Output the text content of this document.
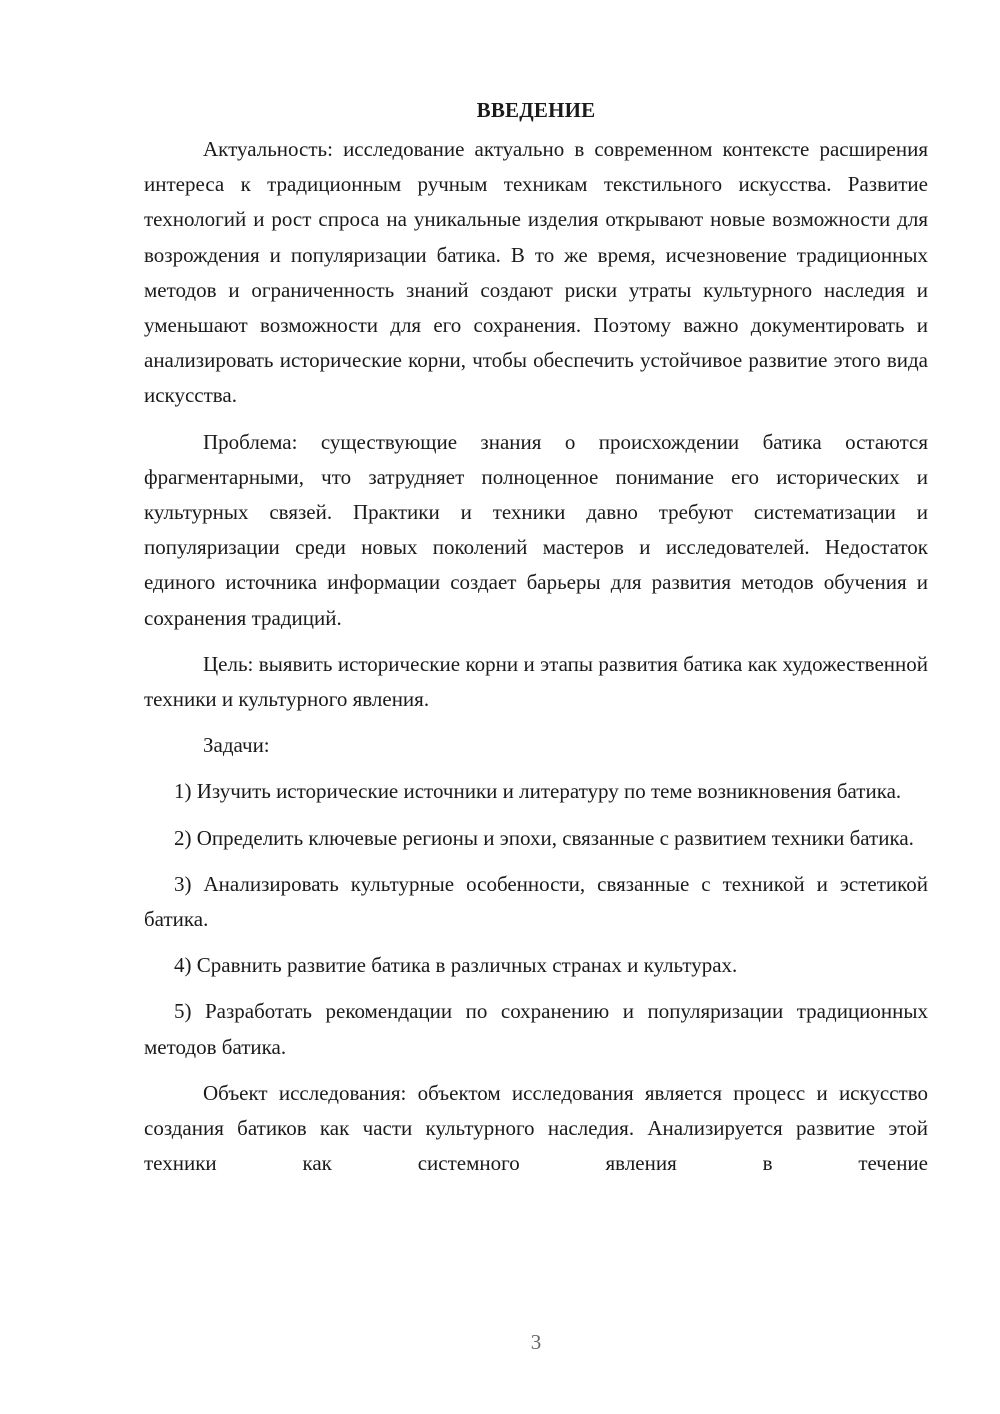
ВВЕДЕНИЕ

Актуальность: исследование актуально в современном контексте расширения интереса к традиционным ручным техникам текстильного искусства. Развитие технологий и рост спроса на уникальные изделия открывают новые возможности для возрождения и популяризации батика. В то же время, исчезновение традиционных методов и ограниченность знаний создают риски утраты культурного наследия и уменьшают возможности для его сохранения. Поэтому важно документировать и анализировать исторические корни, чтобы обеспечить устойчивое развитие этого вида искусства.

Проблема: существующие знания о происхождении батика остаются фрагментарными, что затрудняет полноценное понимание его исторических и культурных связей. Практики и техники давно требуют систематизации и популяризации среди новых поколений мастеров и исследователей. Недостаток единого источника информации создает барьеры для развития методов обучения и сохранения традиций.

Цель: выявить исторические корни и этапы развития батика как художественной техники и культурного явления.

Задачи:

1) Изучить исторические источники и литературу по теме возникновения батика.

2) Определить ключевые регионы и эпохи, связанные с развитием техники батика.

3) Анализировать культурные особенности, связанные с техникой и эстетикой батика.

4) Сравнить развитие батика в различных странах и культурах.

5) Разработать рекомендации по сохранению и популяризации традиционных методов батика.

Объект исследования: объектом исследования является процесс и искусство создания батиков как части культурного наследия. Анализируется развитие этой техники как системного явления в течение

3
